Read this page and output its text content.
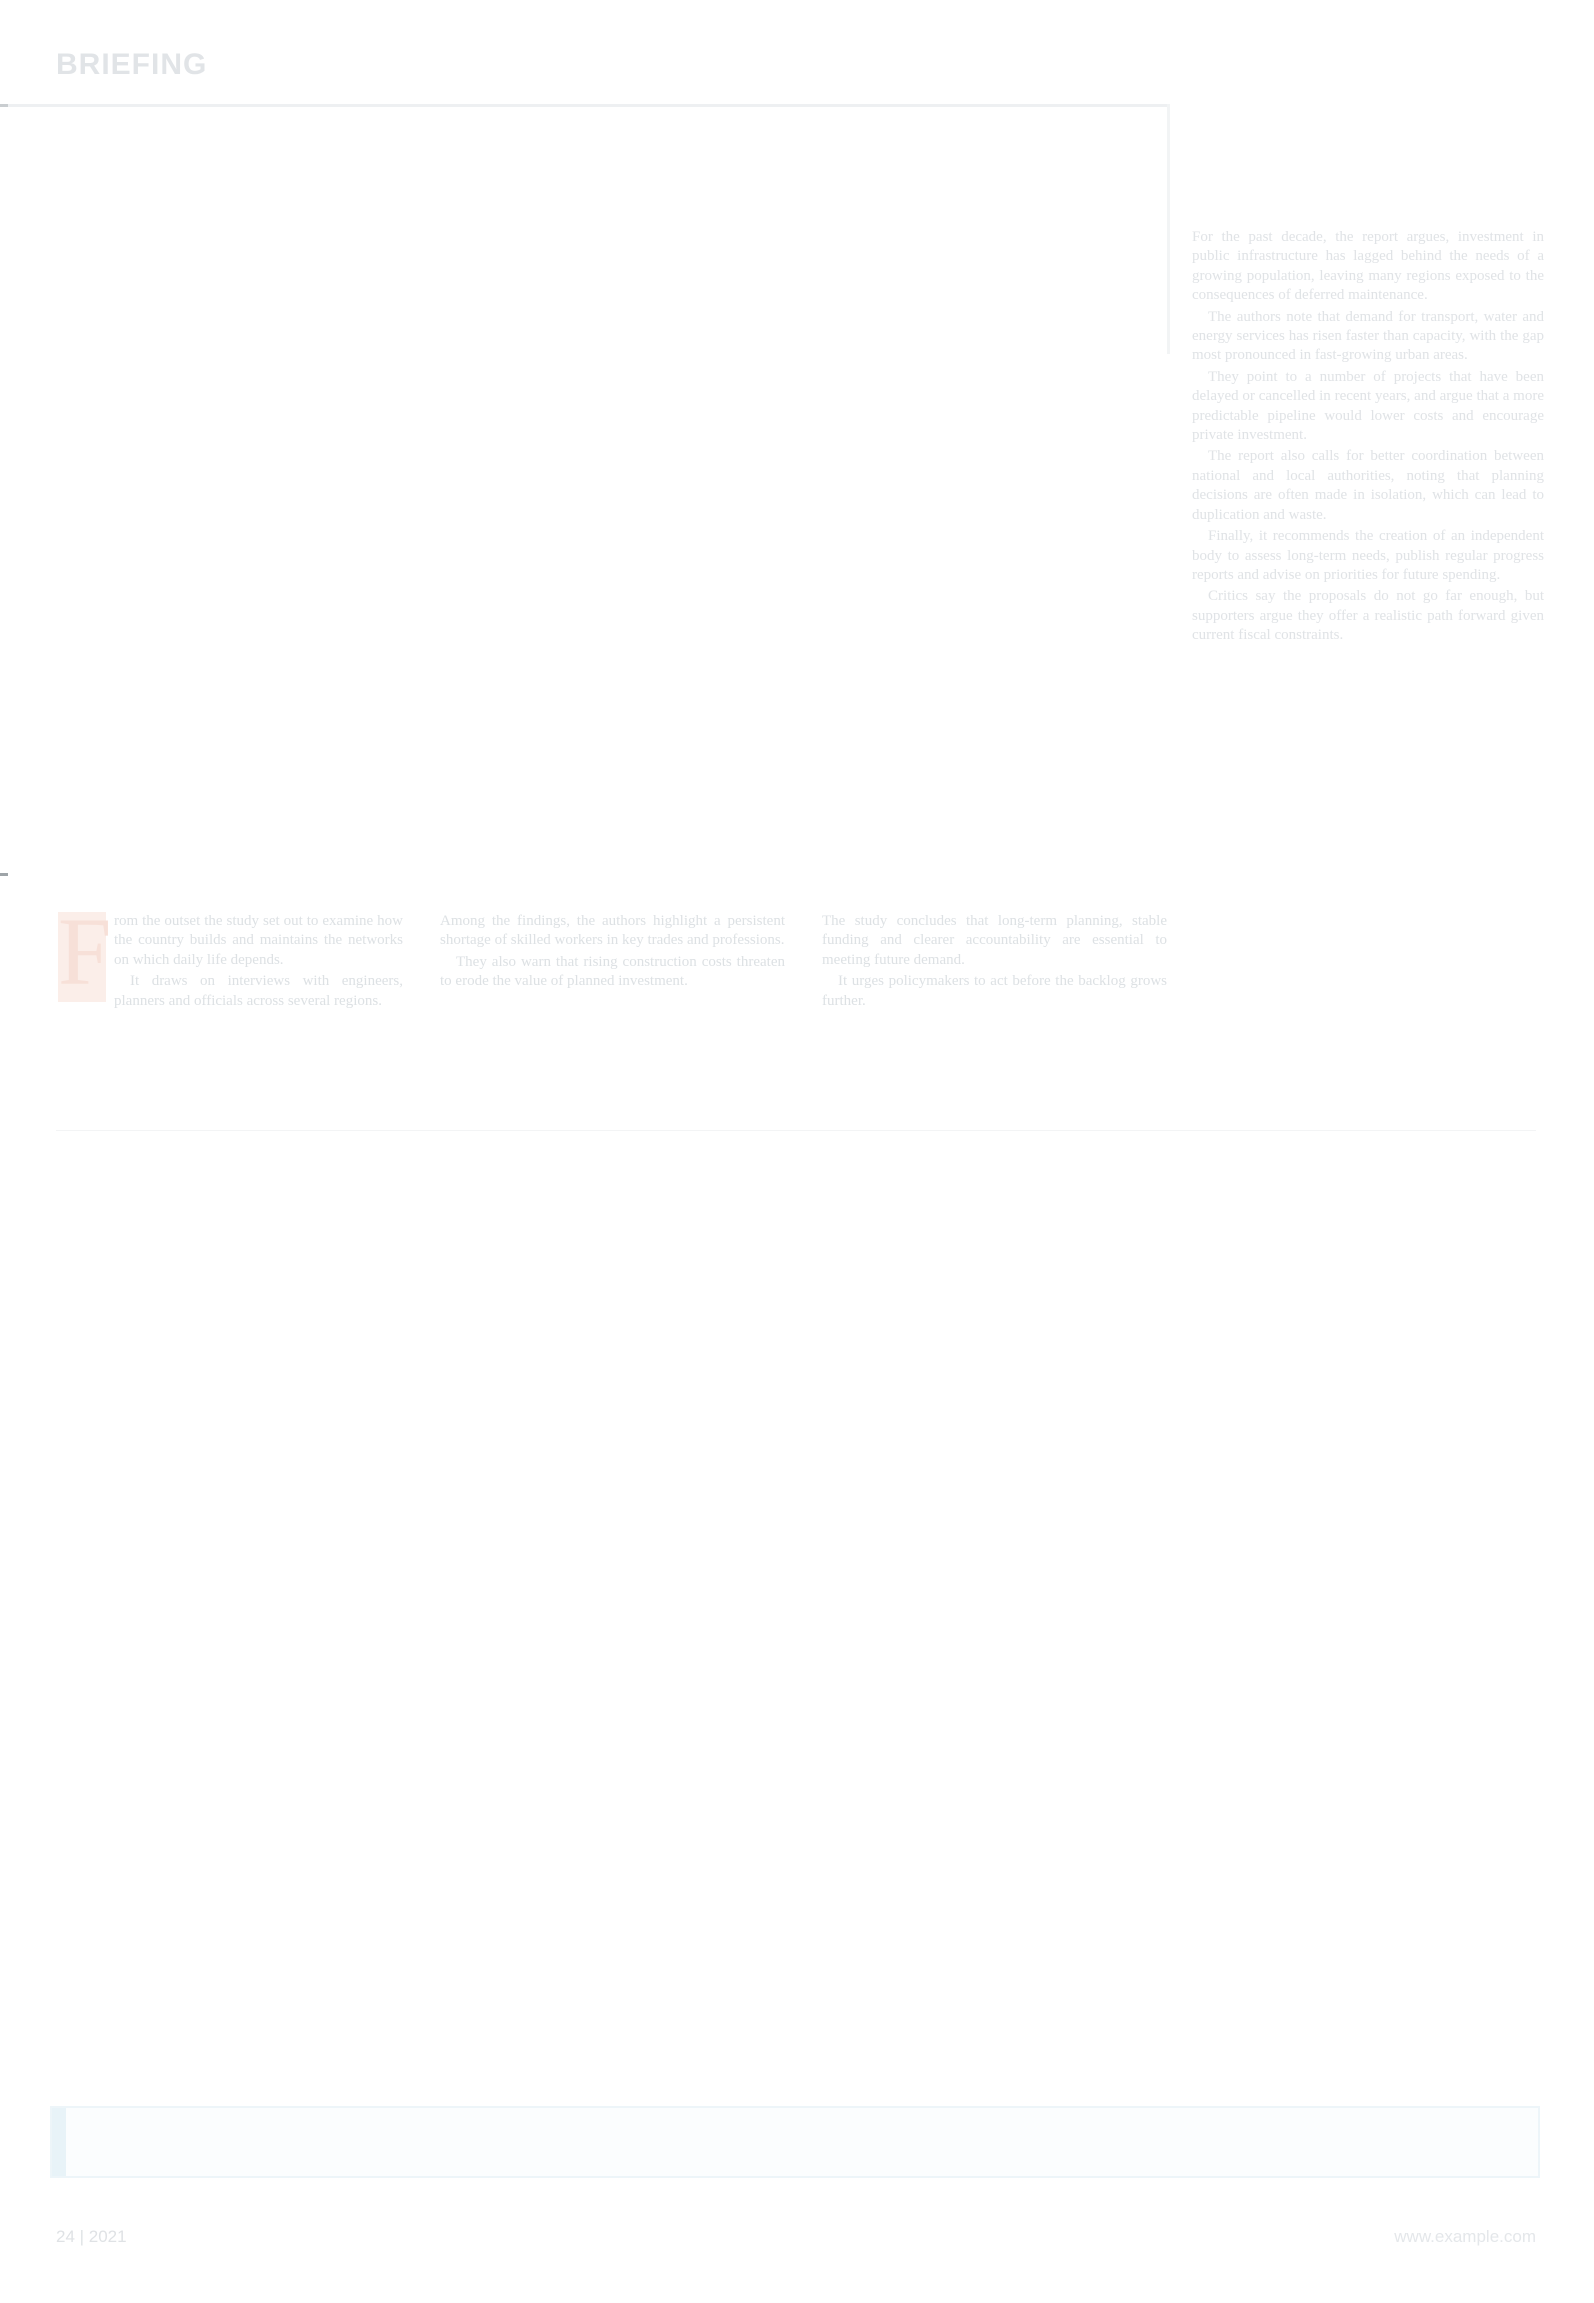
BRIEFING

For the past decade, the report argues, investment in public infrastructure has lagged behind the needs of a growing population, leaving many regions exposed to the consequences of deferred maintenance.

The authors note that demand for transport, water and energy services has risen faster than capacity, with the gap most pronounced in fast-growing urban areas.

They point to a number of projects that have been delayed or cancelled in recent years, and argue that a more predictable pipeline would lower costs and encourage private investment.

The report also calls for better coordination between national and local authorities, noting that planning decisions are often made in isolation, which can lead to duplication and waste.

Finally, it recommends the creation of an independent body to assess long-term needs, publish regular progress reports and advise on priorities for future spending.

Critics say the proposals do not go far enough, but supporters argue they offer a realistic path forward given current fiscal constraints.

F rom the outset the study set out to examine how the country builds and maintains the networks on which daily life depends.

It draws on interviews with engineers, planners and officials across several regions.

Among the findings, the authors highlight a persistent shortage of skilled workers in key trades and professions.

They also warn that rising construction costs threaten to erode the value of planned investment.

The study concludes that long-term planning, stable funding and clearer accountability are essential to meeting future demand.

It urges policymakers to act before the backlog grows further.

24 | 2021	www.example.com
